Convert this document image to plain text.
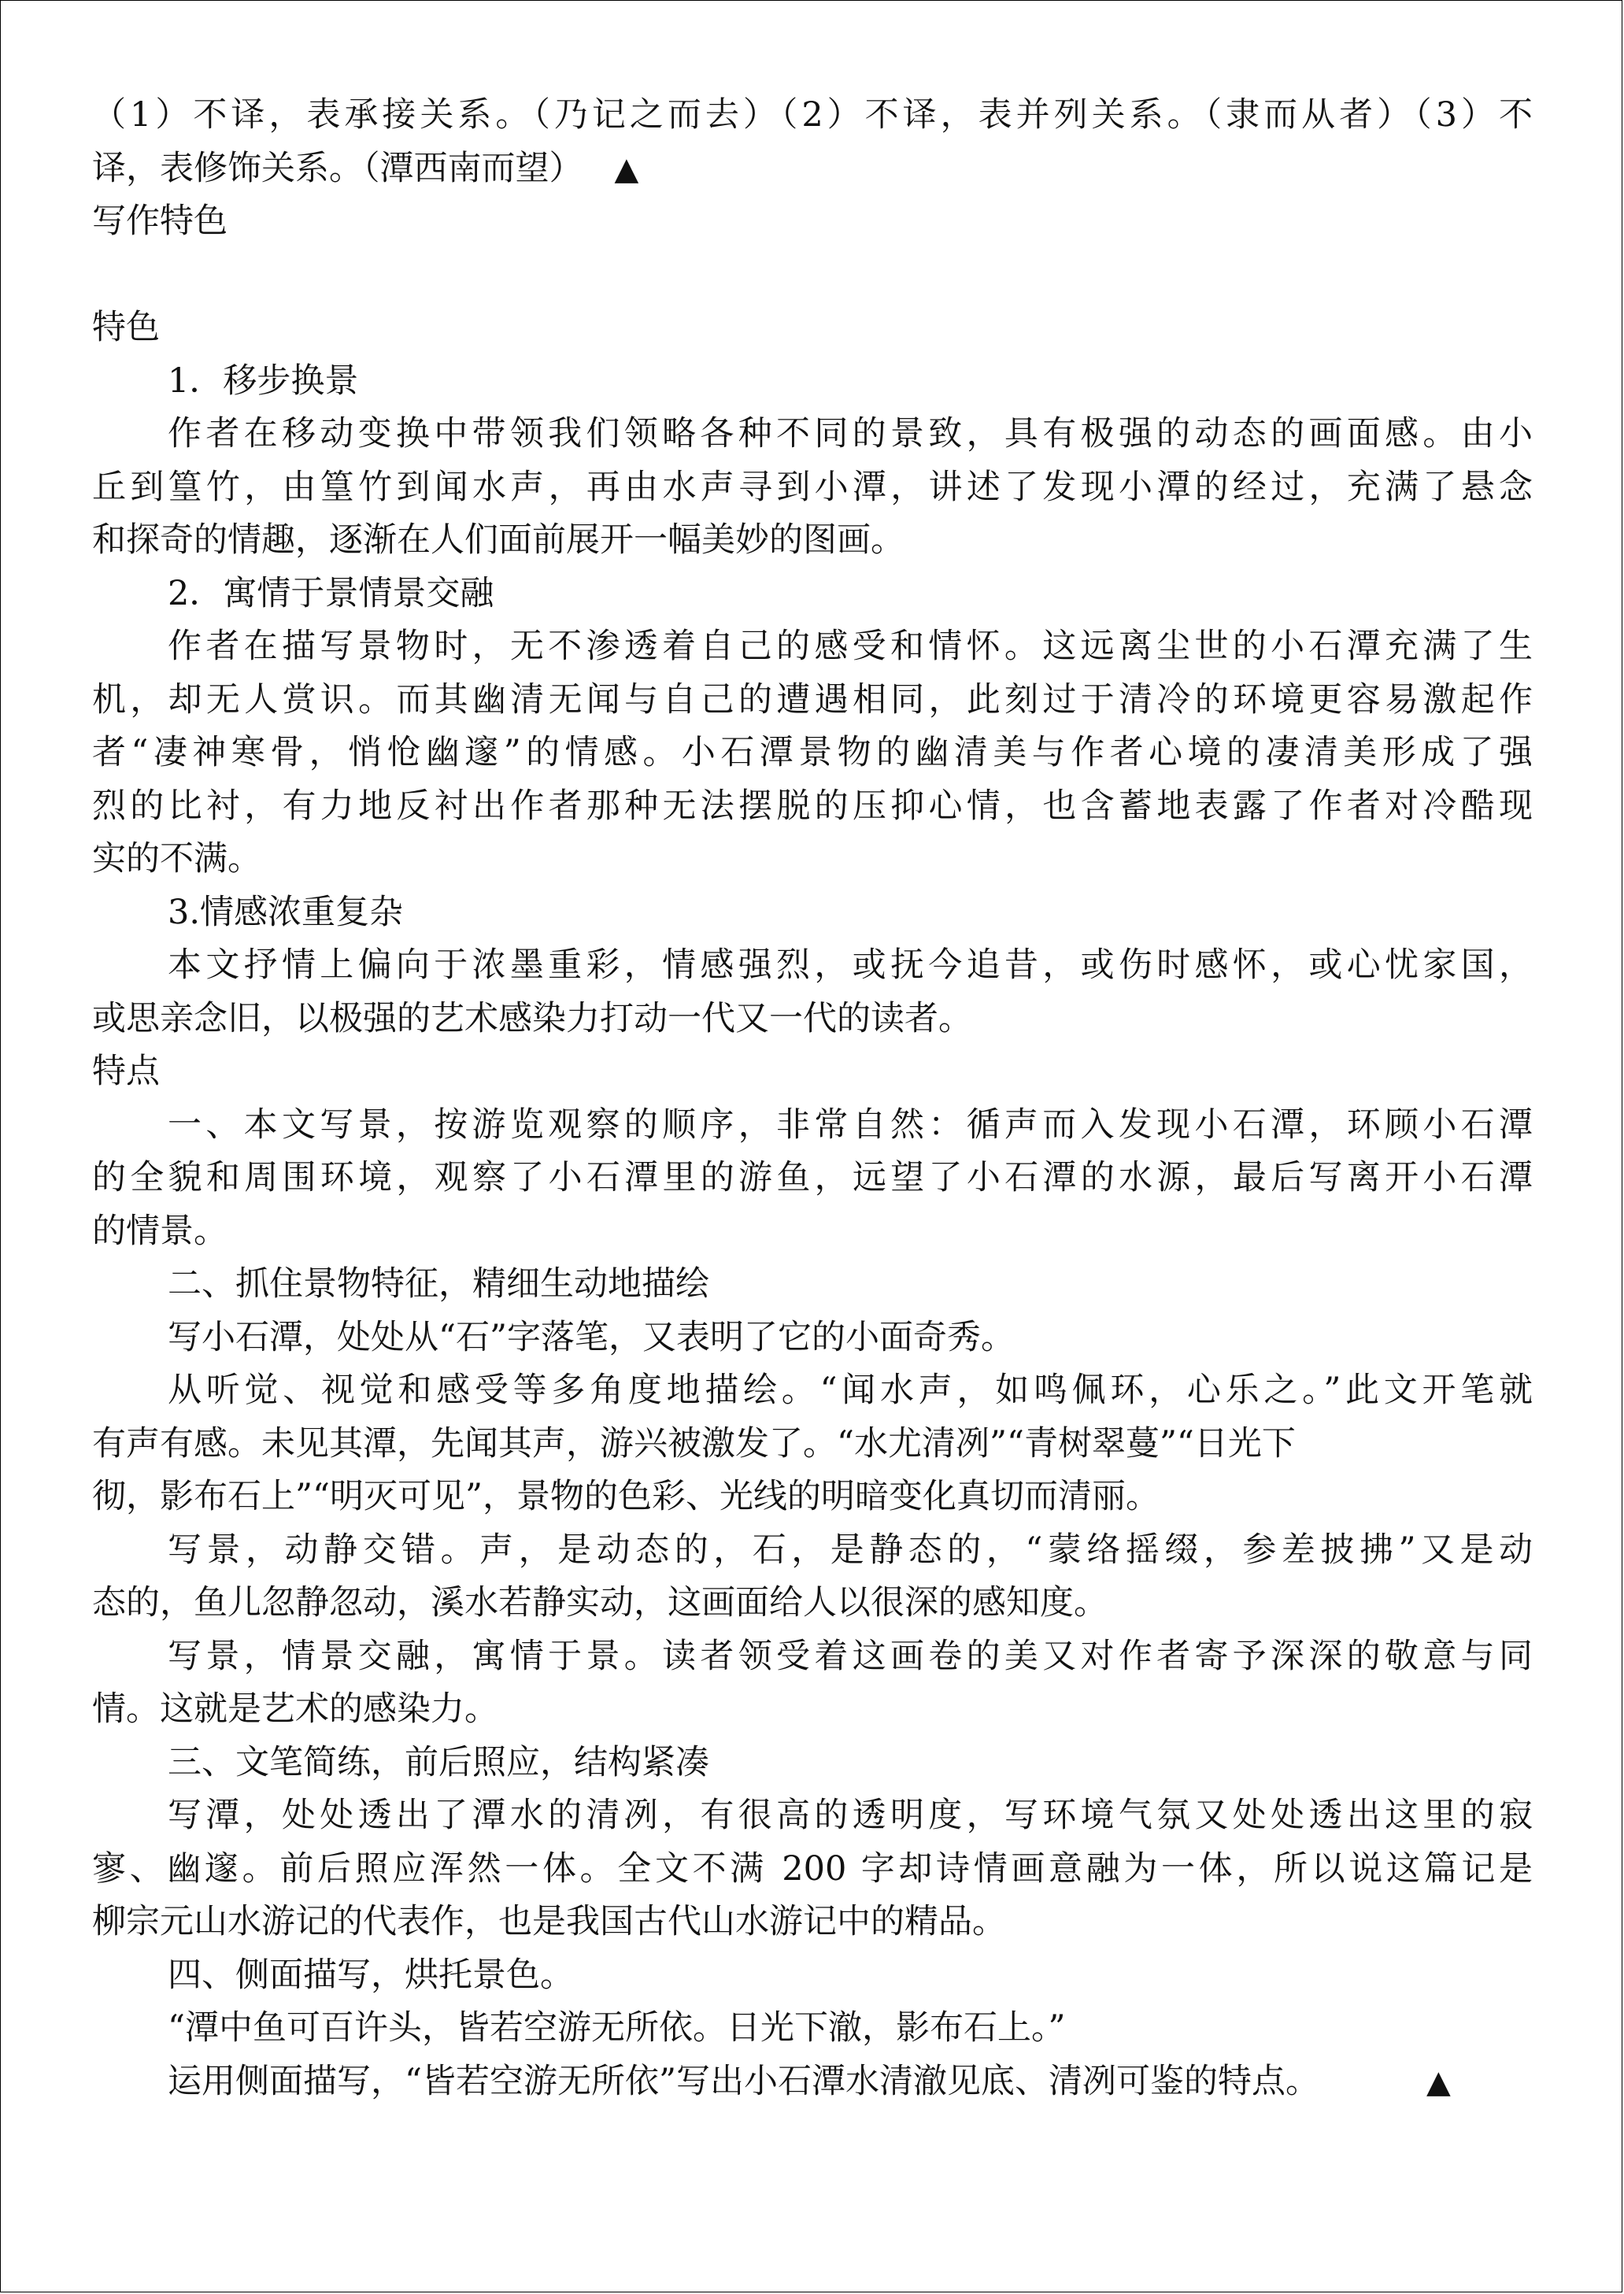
（1）不译，表承接关系。（乃记之而去）（2）不译，表并列关系。（隶而从者）（3）不
译，表修饰关系。（潭西南而望） ▲
写作特色
特色
1．移步换景
作者在移动变换中带领我们领略各种不同的景致，具有极强的动态的画面感。由小
丘到篁竹，由篁竹到闻水声，再由水声寻到小潭，讲述了发现小潭的经过，充满了悬念
和探奇的情趣，逐渐在人们面前展开一幅美妙的图画。
2．寓情于景情景交融
作者在描写景物时，无不渗透着自己的感受和情怀。这远离尘世的小石潭充满了生
机，却无人赏识。而其幽清无闻与自己的遭遇相同，此刻过于清冷的环境更容易激起作
者“凄神寒骨，悄怆幽邃”的情感。小石潭景物的幽清美与作者心境的凄清美形成了强
烈的比衬，有力地反衬出作者那种无法摆脱的压抑心情，也含蓄地表露了作者对冷酷现
实的不满。
3.情感浓重复杂
本文抒情上偏向于浓墨重彩，情感强烈，或抚今追昔，或伤时感怀，或心忧家国，
或思亲念旧，以极强的艺术感染力打动一代又一代的读者。
特点
一、本文写景，按游览观察的顺序，非常自然：循声而入发现小石潭，环顾小石潭
的全貌和周围环境，观察了小石潭里的游鱼，远望了小石潭的水源，最后写离开小石潭
的情景。
二、抓住景物特征，精细生动地描绘
写小石潭，处处从“石”字落笔，又表明了它的小面奇秀。
从听觉、视觉和感受等多角度地描绘。“闻水声，如鸣佩环，心乐之。”此文开笔就
有声有感。未见其潭，先闻其声，游兴被激发了。“水尤清冽”“青树翠蔓”“日光下
彻，影布石上”“明灭可见”，景物的色彩、光线的明暗变化真切而清丽。
写景，动静交错。声，是动态的，石，是静态的，“蒙络摇缀，参差披拂”又是动
态的，鱼儿忽静忽动，溪水若静实动，这画面给人以很深的感知度。
写景，情景交融，寓情于景。读者领受着这画卷的美又对作者寄予深深的敬意与同
情。这就是艺术的感染力。
三、文笔简练，前后照应，结构紧凑
写潭，处处透出了潭水的清冽，有很高的透明度，写环境气氛又处处透出这里的寂
寥、幽邃。前后照应浑然一体。全文不满 200 字却诗情画意融为一体，所以说这篇记是
柳宗元山水游记的代表作，也是我国古代山水游记中的精品。
四、侧面描写，烘托景色。
“潭中鱼可百许头，皆若空游无所依。日光下澈，影布石上。”
运用侧面描写，“皆若空游无所依”写出小石潭水清澈见底、清冽可鉴的特点。	▲
